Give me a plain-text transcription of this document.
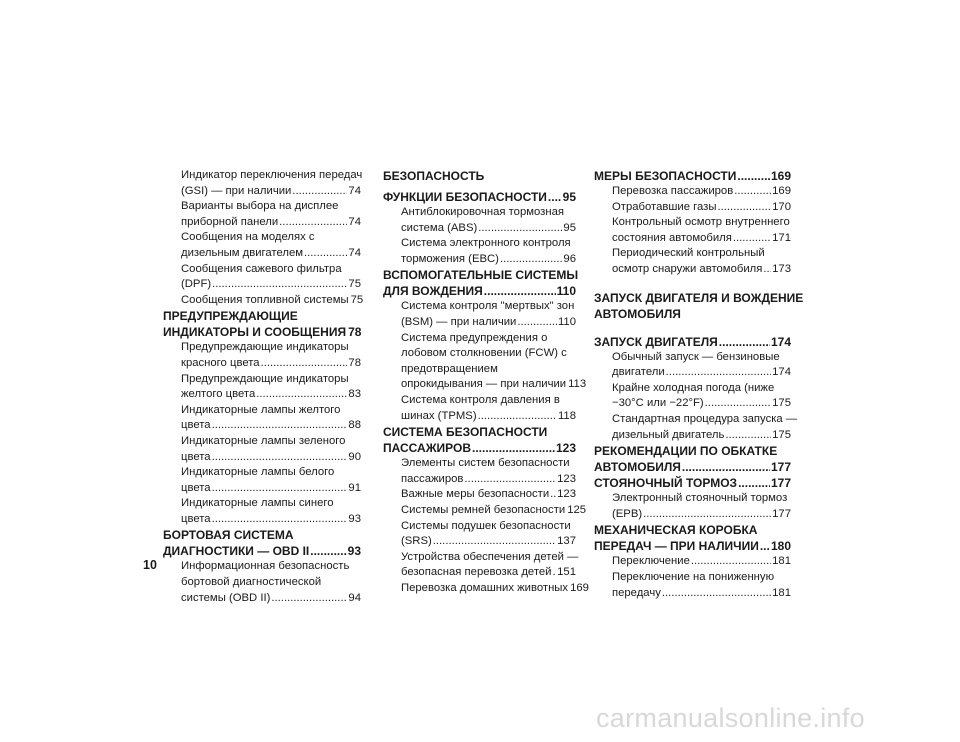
Индикатор переключения передач
(GSI) — при наличии .....	74
Варианты выбора на дисплее
приборной панели .....	74
Сообщения на моделях с
дизельным двигателем .....	74
Сообщения сажевого фильтра
(DPF) .....	75
Сообщения топливной системы 75
ПРЕДУПРЕЖДАЮЩИЕ
ИНДИКАТОРЫ И СООБЩЕНИЯ 78
Предупреждающие индикаторы
красного цвета .....	78
Предупреждающие индикаторы
желтого цвета .....	83
Индикаторные лампы желтого
цвета .....	88
Индикаторные лампы зеленого
цвета .....	90
Индикаторные лампы белого
цвета .....	91
Индикаторные лампы синего
цвета .....	93
БОРТОВАЯ СИСТЕМА
ДИАГНОСТИКИ — OBD II .....	93
Информационная безопасность
бортовой диагностической
системы (OBD II) .....	94
БЕЗОПАСНОСТЬ
ФУНКЦИИ БЕЗОПАСНОСТИ ..... 95
Антиблокировочная тормозная
система (ABS) .....	95
Система электронного контроля
торможения (EBC) .....	96
ВСПОМОГАТЕЛЬНЫЕ СИСТЕМЫ
ДЛЯ ВОЖДЕНИЯ .....	110
Система контроля "мертвых" зон
(BSM) — при наличии .....	110
Система предупреждения о
лобовом столкновении (FCW) с
предотвращением
опрокидывания — при наличии 113
Система контроля давления в
шинах (TPMS) .....	118
СИСТЕМА БЕЗОПАСНОСТИ
ПАССАЖИРОВ .....	123
Элементы систем безопасности
пассажиров .....	123
Важные меры безопасности ..... 123
Системы ремней безопасности 125
Системы подушек безопасности
(SRS) .....	137
Устройства обеспечения детей —
безопасная перевозка детей ..... 151
Перевозка домашних животных 169
МЕРЫ БЕЗОПАСНОСТИ .....	169
Перевозка пассажиров .....	169
Отработавшие газы .....	170
Контрольный осмотр внутреннего
состояния автомобиля .....	171
Периодический контрольный
осмотр снаружи автомобиля ..... 173
ЗАПУСК ДВИГАТЕЛЯ И ВОЖДЕНИЕ
АВТОМОБИЛЯ
ЗАПУСК ДВИГАТЕЛЯ .....	174
Обычный запуск — бензиновые
двигатели .....	174
Крайне холодная погода (ниже
−30°C или −22°F) .....	175
Стандартная процедура запуска —
дизельный двигатель .....	175
РЕКОМЕНДАЦИИ ПО ОБКАТКЕ
АВТОМОБИЛЯ .....	177
СТОЯНОЧНЫЙ ТОРМОЗ .....	177
Электронный стояночный тормоз
(EPB) .....	177
МЕХАНИЧЕСКАЯ КОРОБКА
ПЕРЕДАЧ — ПРИ НАЛИЧИИ ..... 180
Переключение .....	181
Переключение на пониженную
передачу .....	181
10
carmanualsonline.info
